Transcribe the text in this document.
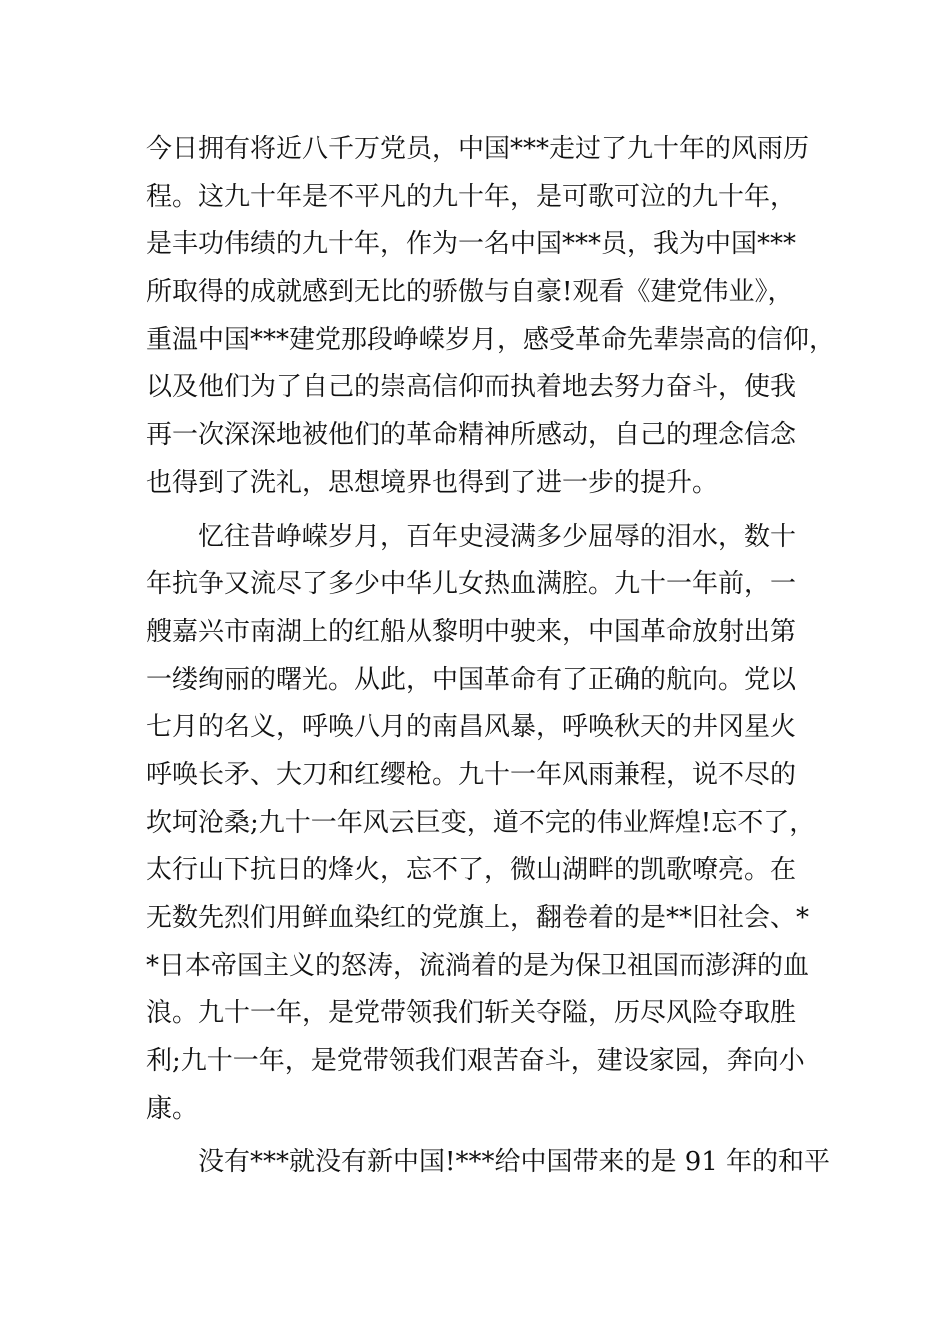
今日拥有将近八千万党员，中国***走过了九十年的风雨历
程。这九十年是不平凡的九十年，是可歌可泣的九十年，
是丰功伟绩的九十年，作为一名中国***员，我为中国***
所取得的成就感到无比的骄傲与自豪!观看《建党伟业》，
重温中国***建党那段峥嵘岁月，感受革命先辈崇高的信仰，
以及他们为了自己的崇高信仰而执着地去努力奋斗，使我
再一次深深地被他们的革命精神所感动，自己的理念信念
也得到了洗礼，思想境界也得到了进一步的提升。
忆往昔峥嵘岁月，百年史浸满多少屈辱的泪水，数十
年抗争又流尽了多少中华儿女热血满腔。九十一年前，一
艘嘉兴市南湖上的红船从黎明中驶来，中国革命放射出第
一缕绚丽的曙光。从此，中国革命有了正确的航向。党以
七月的名义，呼唤八月的南昌风暴，呼唤秋天的井冈星火
呼唤长矛、大刀和红缨枪。九十一年风雨兼程，说不尽的
坎坷沧桑;九十一年风云巨变，道不完的伟业辉煌!忘不了，
太行山下抗日的烽火，忘不了，微山湖畔的凯歌嘹亮。在
无数先烈们用鲜血染红的党旗上，翻卷着的是**旧社会、*
*日本帝国主义的怒涛，流淌着的是为保卫祖国而澎湃的血
浪。九十一年，是党带领我们斩关夺隘，历尽风险夺取胜
利;九十一年，是党带领我们艰苦奋斗，建设家园，奔向小
康。
没有***就没有新中国!***给中国带来的是 91 年的和平
